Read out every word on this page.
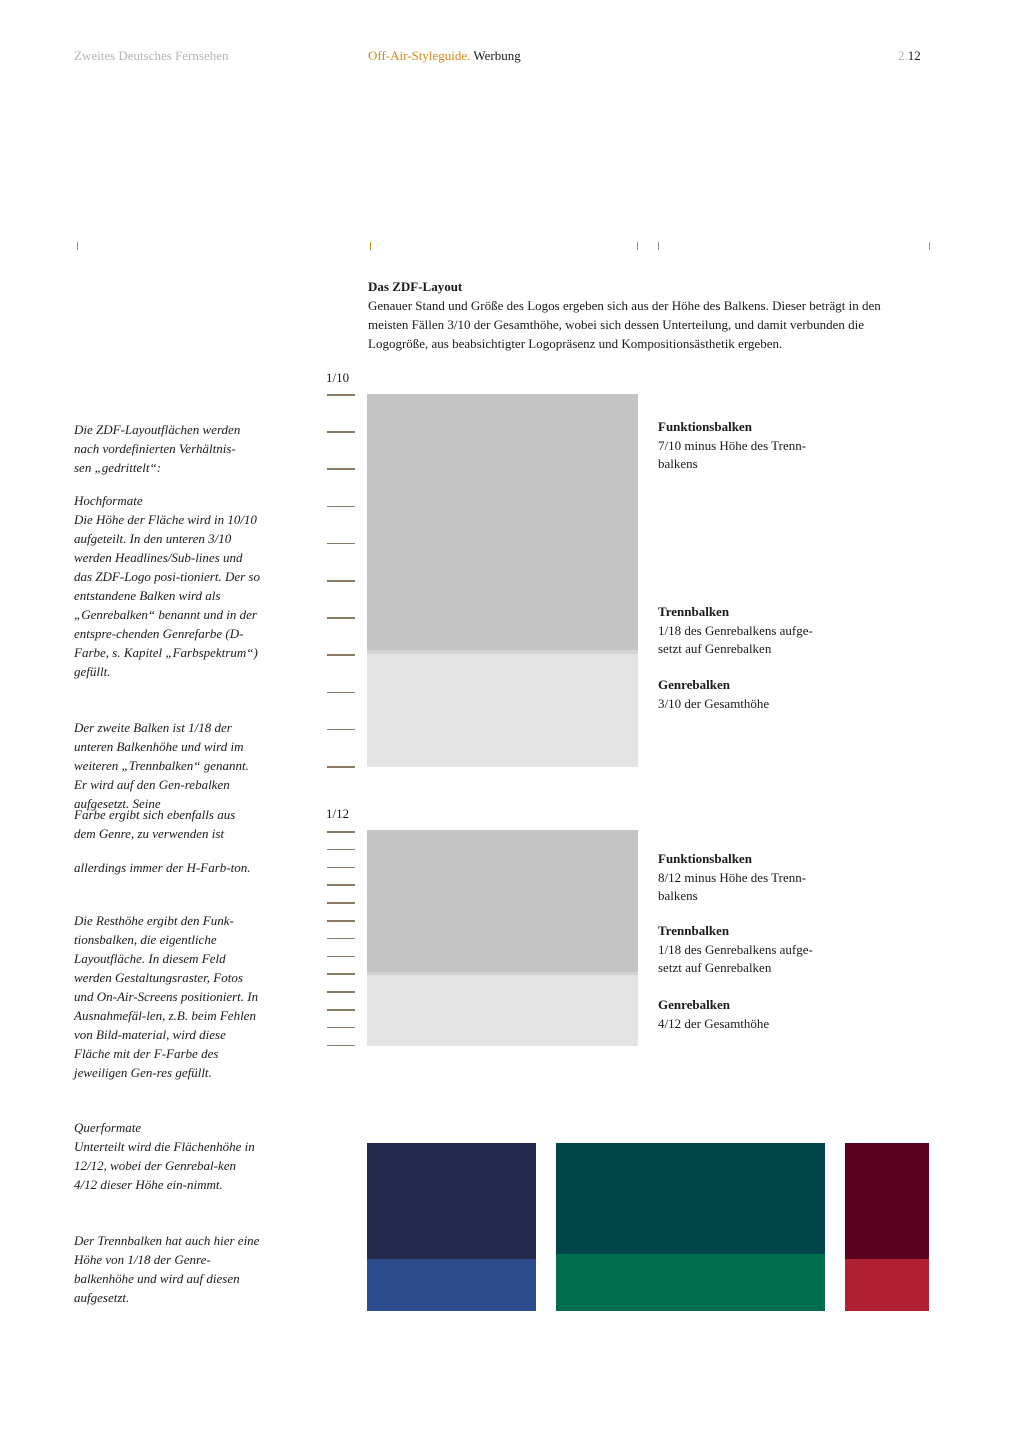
Zweites Deutsches Fernsehen	Off-Air-Styleguide. Werbung	2.12
Das ZDF-Layout
Genauer Stand und Größe des Logos ergeben sich aus der Höhe des Balkens. Dieser beträgt in den meisten Fällen 3/10 der Gesamthöhe, wobei sich dessen Unterteilung, und damit verbunden die Logogröße, aus beabsichtigter Logopräsenz und Kompositionsästhetik ergeben.

Die ZDF-Layoutflächen werden

nach vordefinierten Verhältnis-

sen „gedrittelt“:

Hochformate

Die Höhe der Fläche wird in 10/10 aufgeteilt. In den unteren 3/10 werden Headlines/Sub-lines und das ZDF-Logo posi-tioniert. Der so entstandene Balken wird als „Genrebalken“ benannt und in der entspre-chenden Genrefarbe (D-Farbe, s. Kapitel „Farbspektrum“) gefüllt.

Der zweite Balken ist 1/18 der unteren Balkenhöhe und wird im weiteren „Trennbalken“ genannt. Er wird auf den Gen-rebalken aufgesetzt. Seine

Farbe ergibt sich ebenfalls aus dem Genre, zu verwenden ist

allerdings immer der H-Farb-ton.

Die Resthöhe ergibt den Funk-tionsbalken, die eigentliche Layoutfläche. In diesem Feld werden Gestaltungsraster, Fotos und On-Air-Screens positioniert. In Ausnahmefäl-len, z.B. beim Fehlen von Bild-material, wird diese Fläche mit der F-Farbe des jeweiligen Gen-res gefüllt.

Querformate

Unterteilt wird die Flächenhöhe in 12/12, wobei der Genrebal-ken 4/12 dieser Höhe ein-nimmt.

Der Trennbalken hat auch hier eine Höhe von 1/18 der Genre-balkenhöhe und wird auf diesen aufgesetzt.

1/10
Funktionsbalken
7/10 minus Höhe des Trenn-balkens
Trennbalken
1/18 des Genrebalkens aufge-setzt auf Genrebalken
Genrebalken
3/10 der Gesamthöhe
1/12
Funktionsbalken
8/12 minus Höhe des Trenn-balkens
Trennbalken
1/18 des Genrebalkens aufge-setzt auf Genrebalken
Genrebalken
4/12 der Gesamthöhe
